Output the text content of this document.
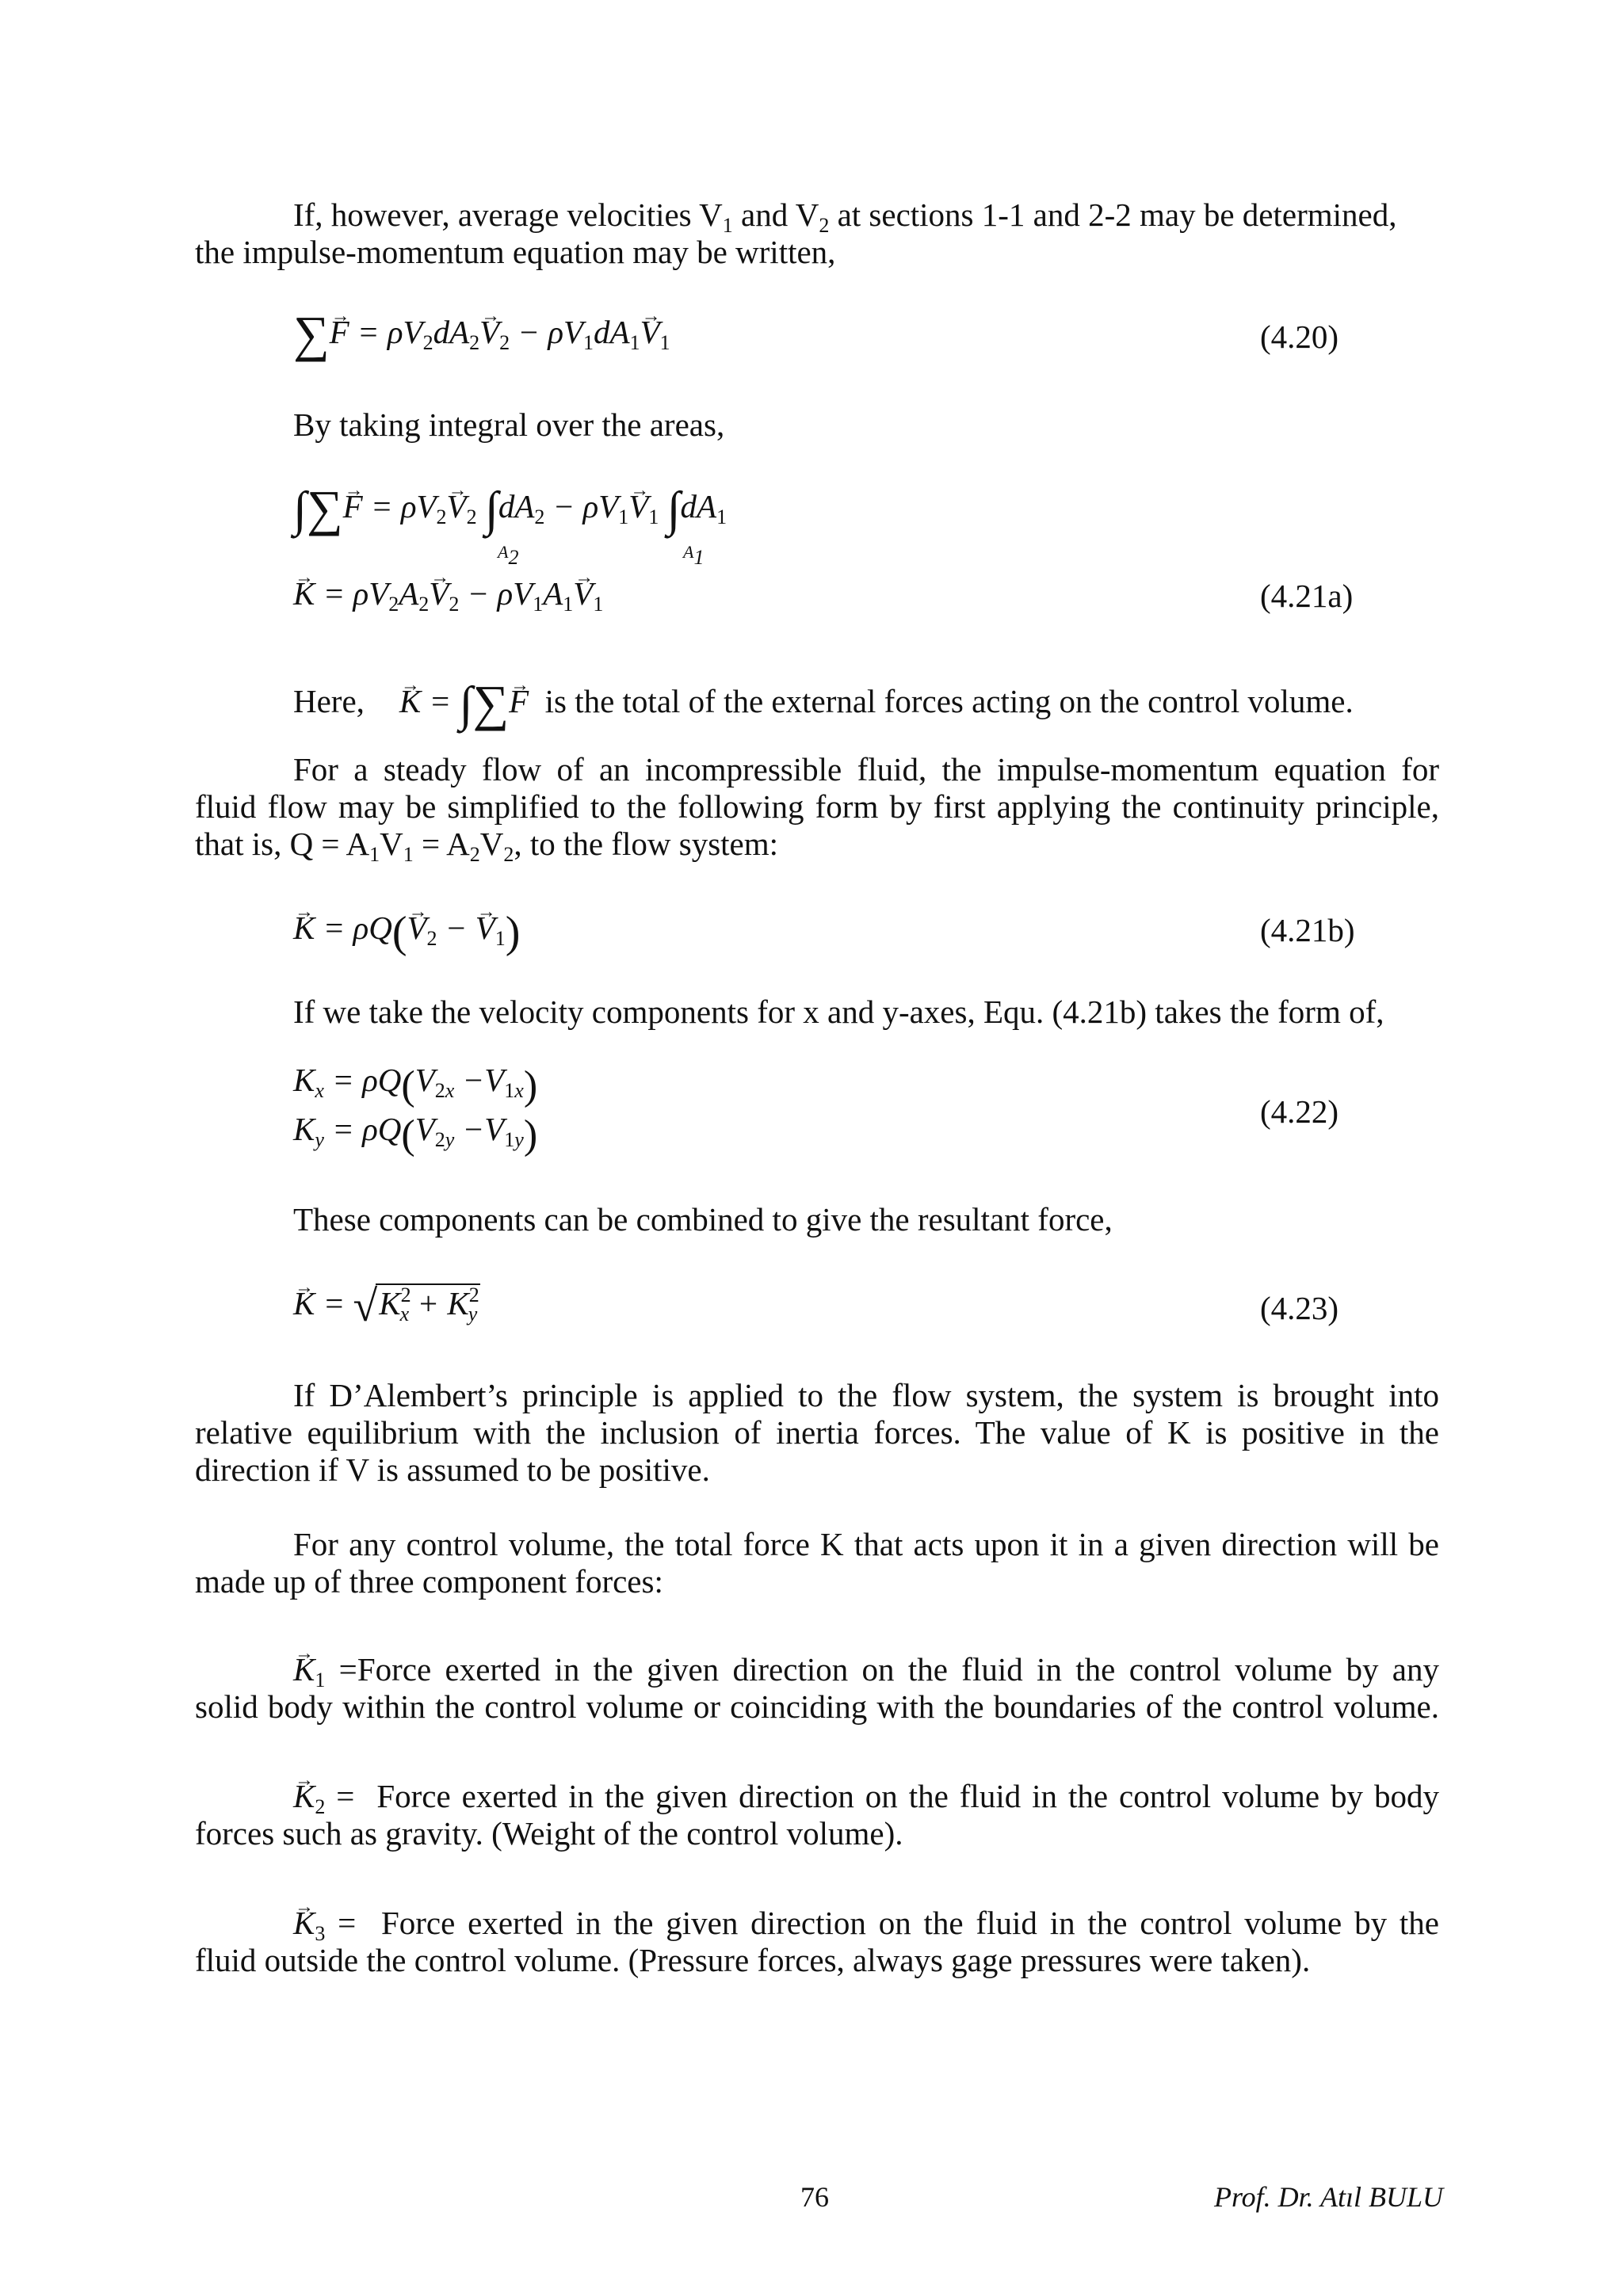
If, however, average velocities $V_1$ and $V_2$ at sections 1-1 and 2-2 may be determined,
the impulse-momentum equation may be written,
∑→ $F = \rho V_2dA_2\to V_2 - \rho V_1dA_1\to V_1$	(4.20)
By taking integral over the areas,
∫∑→ $F = \rho V_2\to V_2$ $\int dA_2 - \rho V_1\to V_1$ $\int dA_1$
$A_2$	$A_1$
→ $K = \rho V_2A_2\to V_2 - \rho V_1A_1\to V_1$	(4.21a)
Here,→ K = ∫∑→ F is the total of the external forces acting on the control volume.
For a steady flow of an incompressible fluid, the impulse-momentum equation for
fluid flow may be simplified to the following form by first applying the continuity principle,
that is, $Q = A_1V_1 = A_2V_2$, to the flow system:
→ $K = \rho Q(\to V_2$ − → $V_1$)	(4.21b)
If we take the velocity components for x and y-axes, Equ. (4.21b) takes the form of,
$K_x = \rho Q(V_{2x} -V_{1x})$
$K_y = \rho Q(V_{2y} -V_{1y})$
(4.22)
These components can be combined to give the resultant force,
→ $K = √K^2_x + K^2_y$	(4.23)
If D’Alembert’s principle is applied to the flow system, the system is brought into
relative equilibrium with the inclusion of inertia forces. The value of K is positive in the
direction if V is assumed to be positive.
For any control volume, the total force K that acts upon it in a given direction will be
made up of three component forces:
→ $K_1$ =Force exerted in the given direction on the fluid in the control volume by any
solid body within the control volume or coinciding with the boundaries of the control volume.
→ $K_2$ =  Force exerted in the given direction on the fluid in the control volume by body
forces such as gravity. (Weight of the control volume).
→ $K_3$ =  Force exerted in the given direction on the fluid in the control volume by the
fluid outside the control volume. (Pressure forces, always gage pressures were taken).
76	Prof. Dr. Atıl BULU
